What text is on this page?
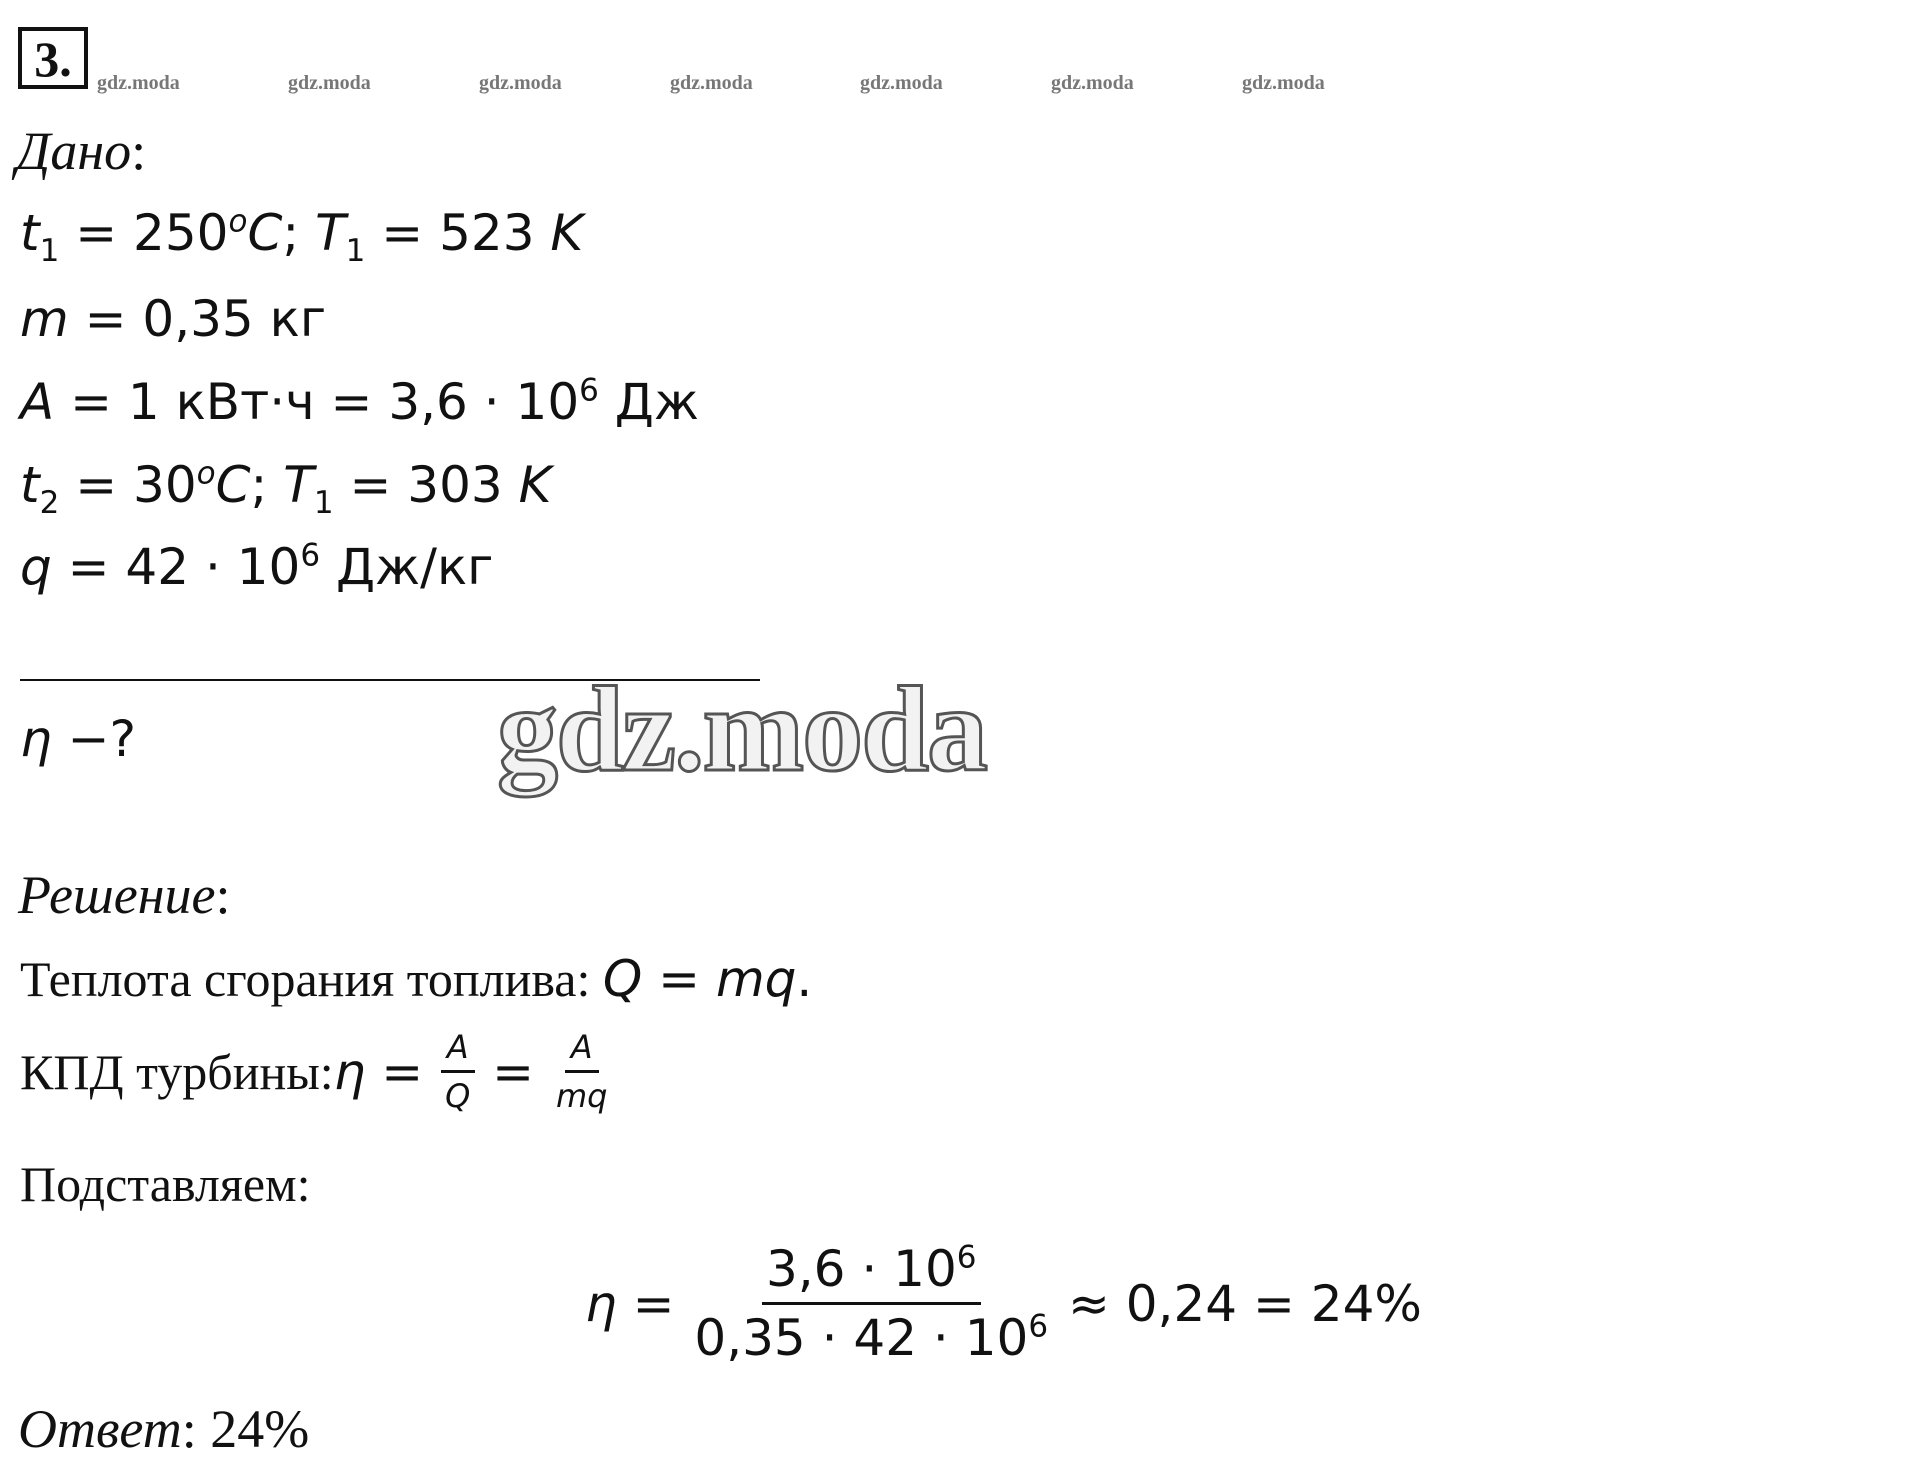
3.	gdz.moda	gdz.moda	gdz.moda	gdz.moda	gdz.moda	gdz.moda	gdz.moda
Дано:
$t_1 = 250^oC$; $T_1 = 523$ K
m = 0,35 кг
A = 1 $кВт\cdot ч = 3,6 \cdot 10^6$ Дж
$t_2 = 30^oC$; $T_1 = 303$ K
$q = 42 \cdot 10^6$ Дж/кг
η −?	gdz.moda
Решение:
Теплота сгорания топлива: Q = mq.
КПД турбины: $\eta = \frac{A}{Q} = \frac{A}{mq}$
Подставляем:
$\eta = \frac{3,6 \cdot 10^6}{0,35 \cdot 42 \cdot 10^6} \approx 0,24 = 24\%$
Ответ: 24%
